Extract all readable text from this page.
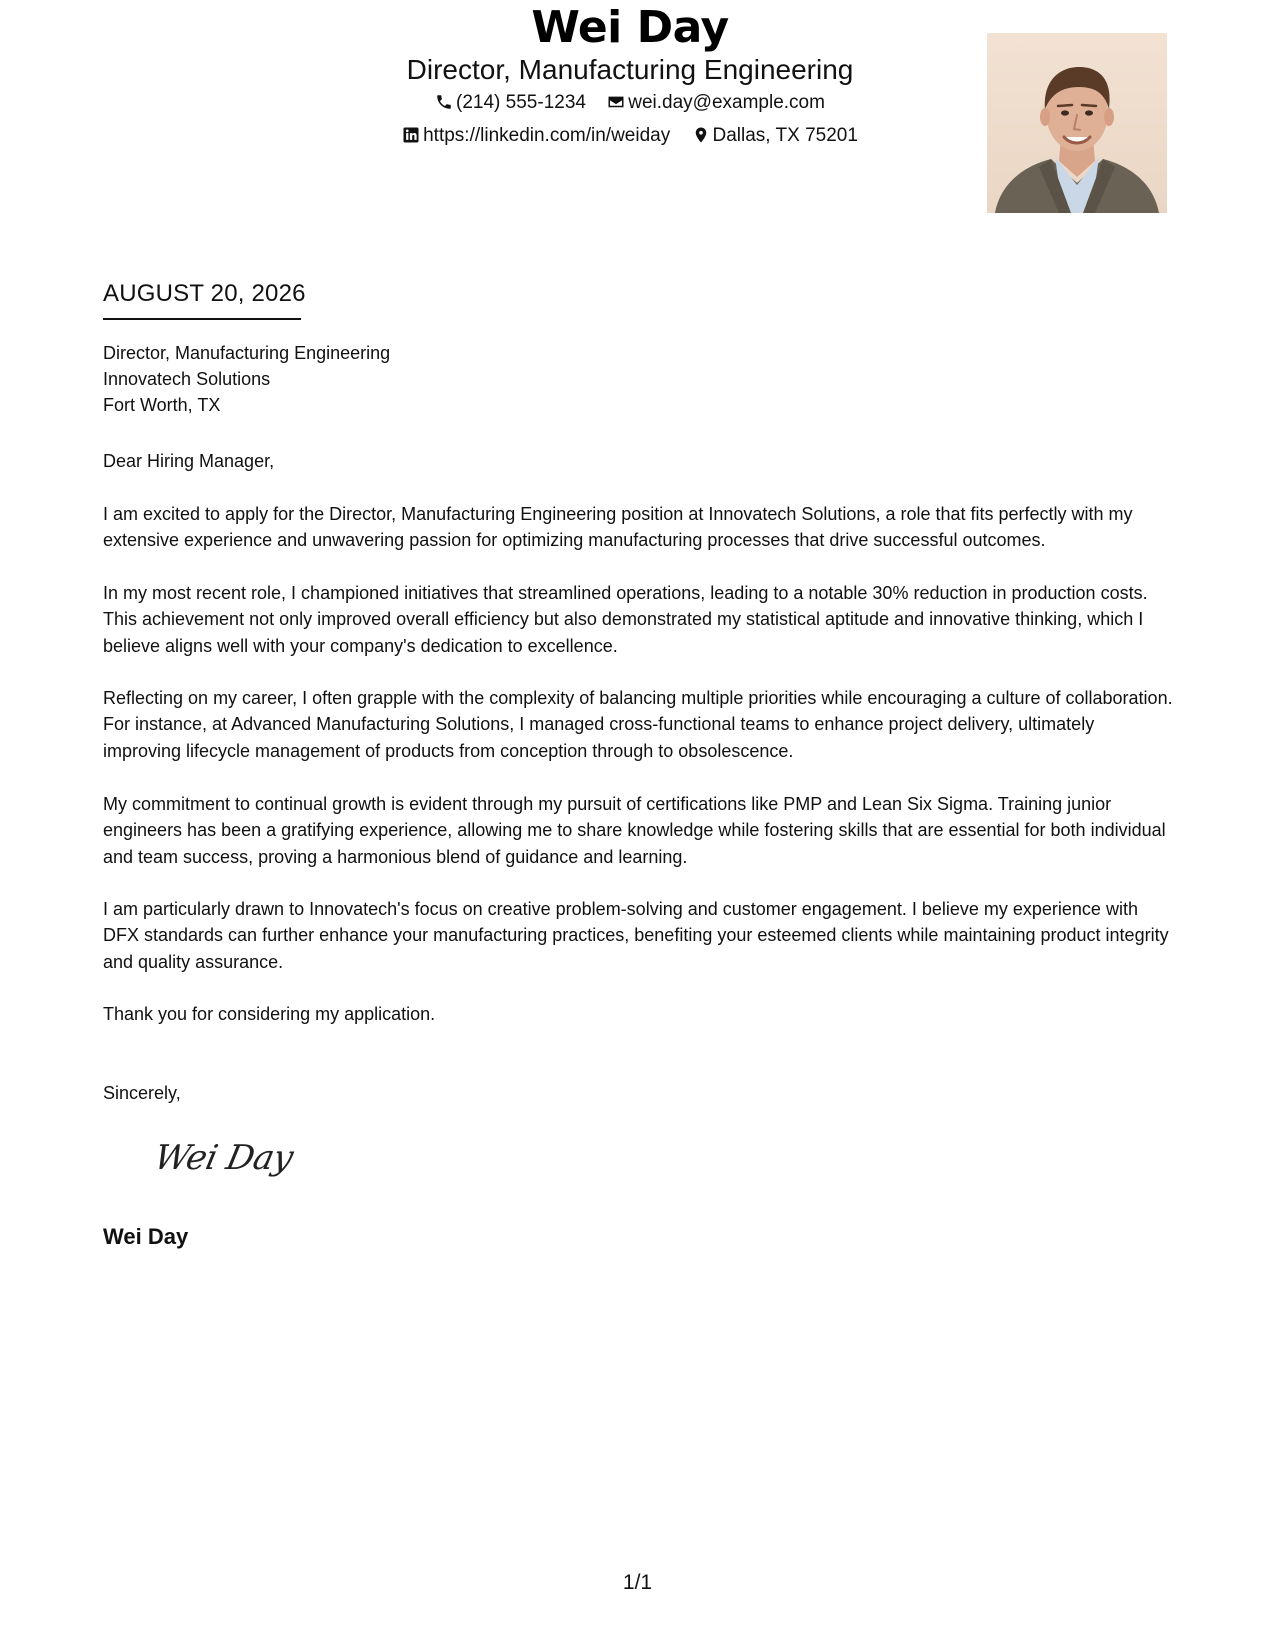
Wei Day
Director, Manufacturing Engineering
(214) 555-1234 wei.day@example.com
https://linkedin.com/in/weiday Dallas, TX 75201
AUGUST 20, 2026
Director, Manufacturing Engineering
Innovatech Solutions
Fort Worth, TX
Dear Hiring Manager,
I am excited to apply for the Director, Manufacturing Engineering position at Innovatech Solutions, a role that fits perfectly with my extensive experience and unwavering passion for optimizing manufacturing processes that drive successful outcomes.
In my most recent role, I championed initiatives that streamlined operations, leading to a notable 30% reduction in production costs. This achievement not only improved overall efficiency but also demonstrated my statistical aptitude and innovative thinking, which I believe aligns well with your company's dedication to excellence.
Reflecting on my career, I often grapple with the complexity of balancing multiple priorities while encouraging a culture of collaboration. For instance, at Advanced Manufacturing Solutions, I managed cross-functional teams to enhance project delivery, ultimately improving lifecycle management of products from conception through to obsolescence.
My commitment to continual growth is evident through my pursuit of certifications like PMP and Lean Six Sigma. Training junior engineers has been a gratifying experience, allowing me to share knowledge while fostering skills that are essential for both individual and team success, proving a harmonious blend of guidance and learning.
I am particularly drawn to Innovatech's focus on creative problem-solving and customer engagement. I believe my experience with DFX standards can further enhance your manufacturing practices, benefiting your esteemed clients while maintaining product integrity and quality assurance.
Thank you for considering my application.
Sincerely,
Wei Day
Wei Day
1/1
